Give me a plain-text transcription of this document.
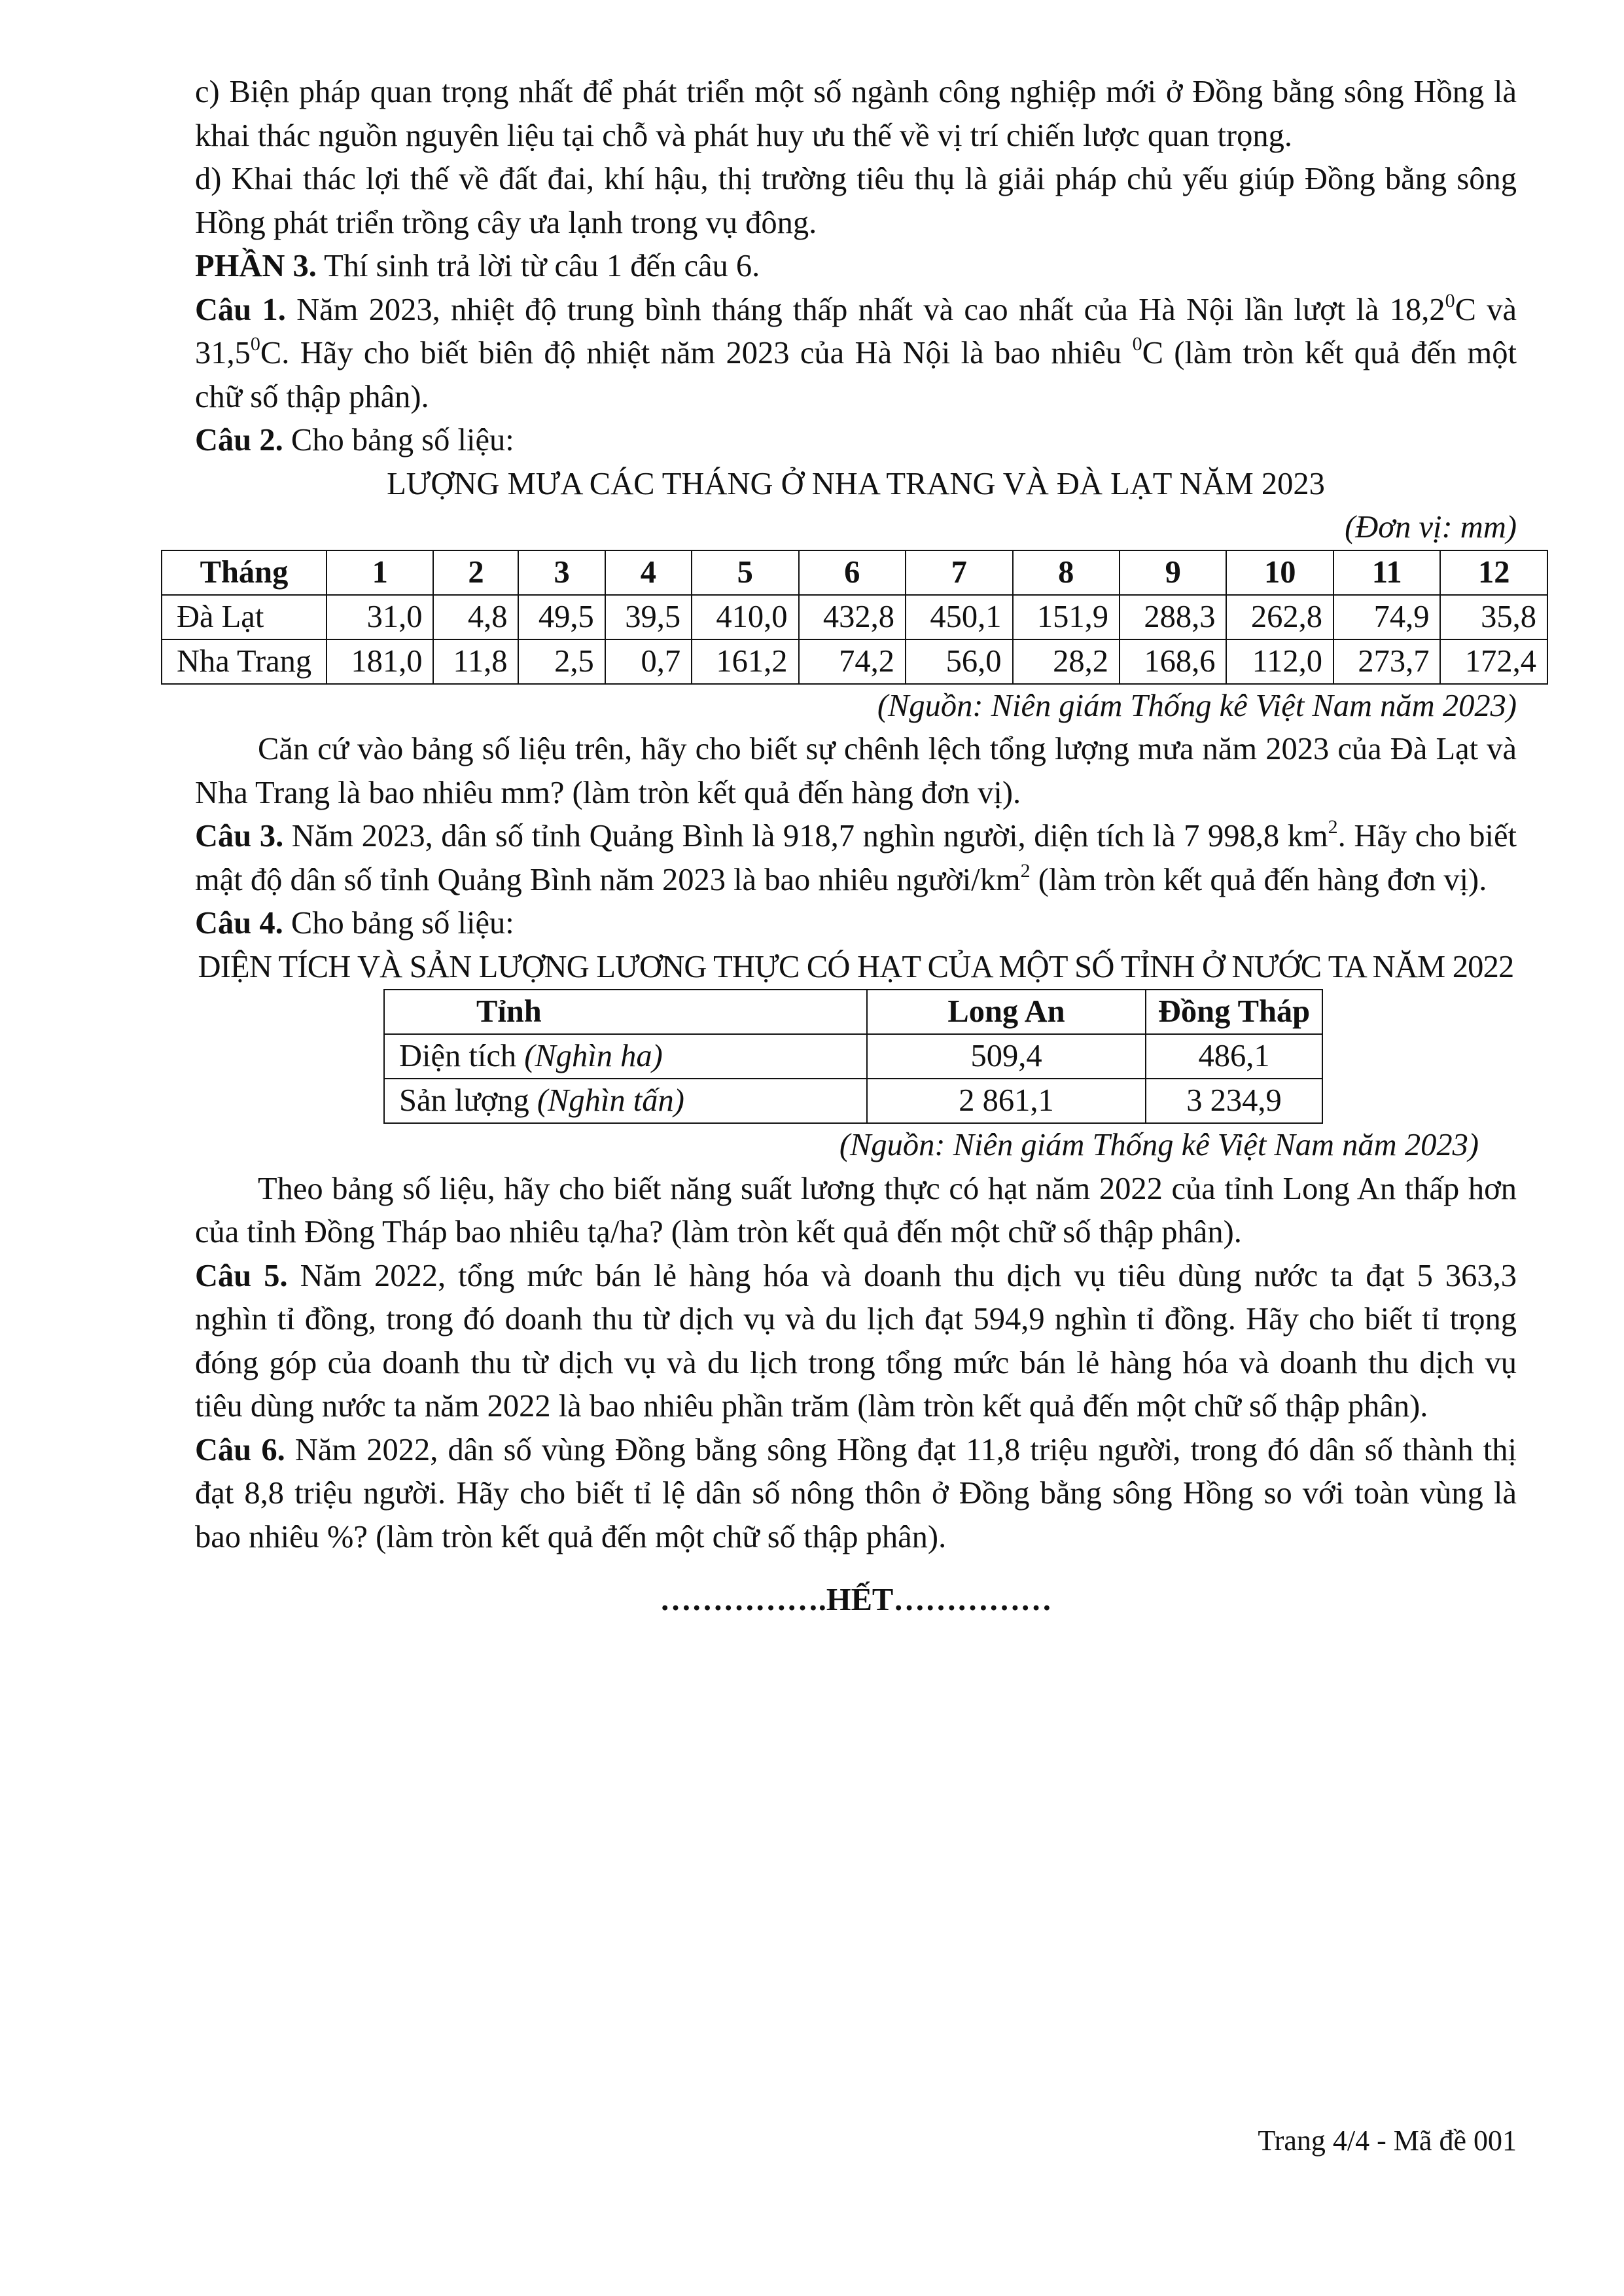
c) Biện pháp quan trọng nhất để phát triển một số ngành công nghiệp mới ở Đồng bằng sông Hồng là

khai thác nguồn nguyên liệu tại chỗ và phát huy ưu thế về vị trí chiến lược quan trọng.

d) Khai thác lợi thế về đất đai, khí hậu, thị trường tiêu thụ là giải pháp chủ yếu giúp Đồng bằng sông

Hồng phát triển trồng cây ưa lạnh trong vụ đông.

PHẦN 3. Thí sinh trả lời từ câu 1 đến câu 6.

Câu 1. Năm 2023, nhiệt độ trung bình tháng thấp nhất và cao nhất của Hà Nội lần lượt là 18,2$^0$C và

31,5$^0$C. Hãy cho biết biên độ nhiệt năm 2023 của Hà Nội là bao nhiêu $^0$C (làm tròn kết quả đến một

chữ số thập phân).

Câu 2. Cho bảng số liệu:

LƯỢNG MƯA CÁC THÁNG Ở NHA TRANG VÀ ĐÀ LẠT NĂM 2023

(Đơn vị: mm)

Tháng	1	2	3	4	5	6	7	8	9	10	11	12
Đà Lạt	31,0	4,8	49,5	39,5	410,0	432,8	450,1	151,9	288,3	262,8	74,9	35,8
Nha Trang	181,0	11,8	2,5	0,7	161,2	74,2	56,0	28,2	168,6	112,0	273,7	172,4

(Nguồn: Niên giám Thống kê Việt Nam năm 2023)

Căn cứ vào bảng số liệu trên, hãy cho biết sự chênh lệch tổng lượng mưa năm 2023 của Đà Lạt và

Nha Trang là bao nhiêu mm? (làm tròn kết quả đến hàng đơn vị).

Câu 3. Năm 2023, dân số tỉnh Quảng Bình là 918,7 nghìn người, diện tích là 7 998,8 $km^2$. Hãy cho biết

mật độ dân số tỉnh Quảng Bình năm 2023 là bao nhiêu người/$km^2$ (làm tròn kết quả đến hàng đơn vị).

Câu 4. Cho bảng số liệu:

DIỆN TÍCH VÀ SẢN LƯỢNG LƯƠNG THỰC CÓ HẠT CỦA MỘT SỐ TỈNH Ở NƯỚC TA NĂM 2022

Tỉnh	Long An	Đồng Tháp
Diện tích (Nghìn ha)	509,4	486,1
Sản lượng (Nghìn tấn)	2 861,1	3 234,9

(Nguồn: Niên giám Thống kê Việt Nam năm 2023)

Theo bảng số liệu, hãy cho biết năng suất lương thực có hạt năm 2022 của tỉnh Long An thấp hơn

của tỉnh Đồng Tháp bao nhiêu tạ/ha? (làm tròn kết quả đến một chữ số thập phân).

Câu 5. Năm 2022, tổng mức bán lẻ hàng hóa và doanh thu dịch vụ tiêu dùng nước ta đạt 5 363,3

nghìn tỉ đồng, trong đó doanh thu từ dịch vụ và du lịch đạt 594,9 nghìn tỉ đồng. Hãy cho biết tỉ trọng

đóng góp của doanh thu từ dịch vụ và du lịch trong tổng mức bán lẻ hàng hóa và doanh thu dịch vụ

tiêu dùng nước ta năm 2022 là bao nhiêu phần trăm (làm tròn kết quả đến một chữ số thập phân).

Câu 6. Năm 2022, dân số vùng Đồng bằng sông Hồng đạt 11,8 triệu người, trong đó dân số thành thị

đạt 8,8 triệu người. Hãy cho biết tỉ lệ dân số nông thôn ở Đồng bằng sông Hồng so với toàn vùng là

bao nhiêu %? (làm tròn kết quả đến một chữ số thập phân).

…………….HẾT……………
Trang 4/4 - Mã đề 001
